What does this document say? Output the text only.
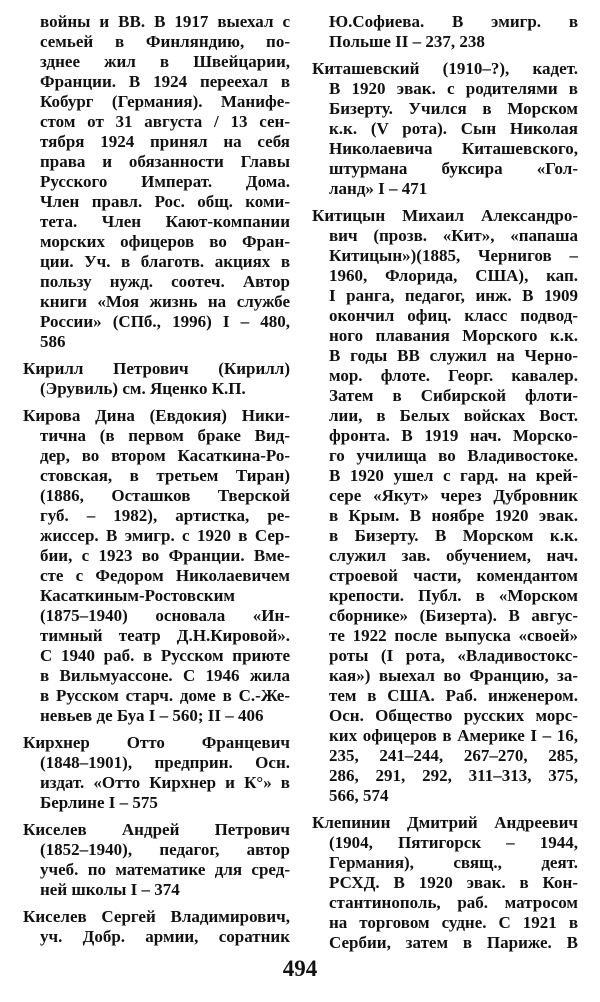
войны и ВВ. В 1917 выехал с
семьей в Финляндию, по-
зднее жил в Швейцарии,
Франции. В 1924 переехал в
Кобург (Германия). Манифе-
стом от 31 августа / 13 сен-
тября 1924 принял на себя
права и обязанности Главы
Русского Императ. Дома.
Член правл. Рос. общ. коми-
тета. Член Кают-компании
морских офицеров во Фран-
ции. Уч. в благотв. акциях в
пользу нужд. соотеч. Автор
книги «Моя жизнь на службе
России» (СПб., 1996) I – 480,
586
Кирилл Петрович (Кирилл)
(Эрувиль) см. Яценко К.П.
Кирова Дина (Евдокия) Ники-
тична (в первом браке Вид-
дер, во втором Касаткина-Ро-
стовская, в третьем Тиран)
(1886, Осташков Тверской
губ. – 1982), артистка, ре-
жиссер. В эмигр. с 1920 в Сер-
бии, с 1923 во Франции. Вме-
сте с Федором Николаевичем
Касаткиным-Ростовским
(1875–1940) основала «Ин-
тимный театр Д.Н.Кировой».
С 1940 раб. в Русском приюте
в Вильмуассоне. С 1946 жила
в Русском старч. доме в С.-Же-
невьев де Буа I – 560; II – 406
Кирхнер Отто Францевич
(1848–1901), предприн. Осн.
издат. «Отто Кирхнер и К°» в
Берлине I – 575
Киселев Андрей Петрович
(1852–1940), педагог, автор
учеб. по математике для сред-
ней школы I – 374
Киселев Сергей Владимирович,
уч. Добр. армии, соратник
Ю.Софиева. В эмигр. в
Польше II – 237, 238
Киташевский (1910–?), кадет.
В 1920 эвак. с родителями в
Бизерту. Учился в Морском
к.к. (V рота). Сын Николая
Николаевича Киташевского,
штурмана буксира «Гол-
ланд» I – 471
Китицын Михаил Александро-
вич (прозв. «Кит», «папаша
Китицын»)(1885, Чернигов –
1960, Флорида, США), кап.
I ранга, педагог, инж. В 1909
окончил офиц. класс подвод-
ного плавания Морского к.к.
В годы ВВ служил на Черно-
мор. флоте. Георг. кавалер.
Затем в Сибирской флоти-
лии, в Белых войсках Вост.
фронта. В 1919 нач. Морско-
го училища во Владивостоке.
В 1920 ушел с гард. на крей-
сере «Якут» через Дубровник
в Крым. В ноябре 1920 эвак.
в Бизерту. В Морском к.к.
служил зав. обучением, нач.
строевой части, комендантом
крепости. Публ. в «Морском
сборнике» (Бизерта). В авгус-
те 1922 после выпуска «своей»
роты (I рота, «Владивостокс-
кая») выехал во Францию, за-
тем в США. Раб. инженером.
Осн. Общество русских морс-
ких офицеров в Америке I – 16,
235, 241–244, 267–270, 285,
286, 291, 292, 311–313, 375,
566, 574
Клепинин Дмитрий Андреевич
(1904, Пятигорск – 1944,
Германия), свящ., деят.
РСХД. В 1920 эвак. в Кон-
стантинополь, раб. матросом
на торговом судне. С 1921 в
Сербии, затем в Париже. В
494
